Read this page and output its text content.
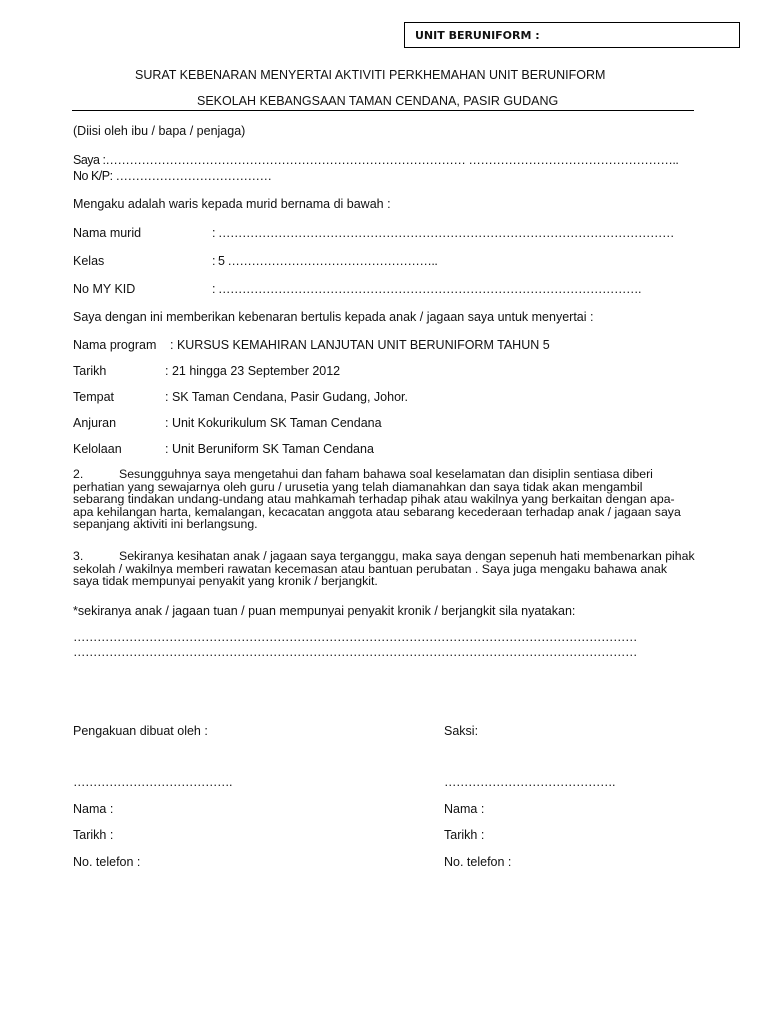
UNIT BERUNIFORM :
SURAT KEBENARAN MENYERTAI AKTIVITI PERKHEMAHAN UNIT BERUNIFORM
SEKOLAH KEBANGSAAN TAMAN CENDANA, PASIR GUDANG
(Diisi oleh ibu / bapa / penjaga)
Saya :……………………………………………………………………………… ……………………………………………..
No K/P: …………………………………
Mengaku adalah waris kepada murid bernama di bawah :
Nama murid	: ……………………………………………………………………………………………………
Kelas	: 5 ……………………………………………..
No MY KID	: …………………………………………………………………………………………….
Saya dengan ini memberikan kebenaran bertulis kepada anak / jagaan saya untuk menyertai :
Nama program : KURSUS KEMAHIRAN LANJUTAN UNIT BERUNIFORM TAHUN 5
Tarikh	: 21 hingga 23 September 2012
Tempat	: SK Taman Cendana, Pasir Gudang, Johor.
Anjuran	: Unit Kokurikulum SK Taman Cendana
Kelolaan	: Unit Beruniform SK Taman Cendana
2.	Sesungguhnya saya mengetahui dan faham bahawa soal keselamatan dan disiplin sentiasa diberi perhatian yang sewajarnya oleh guru / urusetia yang telah diamanahkan dan saya tidak akan mengambil sebarang tindakan undang-undang atau mahkamah terhadap pihak atau wakilnya yang berkaitan dengan apa-apa kehilangan harta, kemalangan, kecacatan anggota atau sebarang kecederaan terhadap anak / jagaan saya sepanjang aktiviti ini berlangsung.
3.	Sekiranya kesihatan anak / jagaan saya terganggu, maka saya dengan sepenuh hati membenarkan pihak sekolah / wakilnya memberi rawatan kecemasan atau bantuan perubatan . Saya juga mengaku bahawa anak saya tidak mempunyai penyakit yang kronik / berjangkit.
*sekiranya anak / jagaan tuan / puan mempunyai penyakit kronik / berjangkit sila nyatakan:
……………………………………………………………………………………………………………………………
……………………………………………………………………………………………………………………………
Pengakuan dibuat oleh :	Saksi:
………………………………….	…………………………………….
Nama :	Nama :
Tarikh :	Tarikh :
No. telefon :	No. telefon :
